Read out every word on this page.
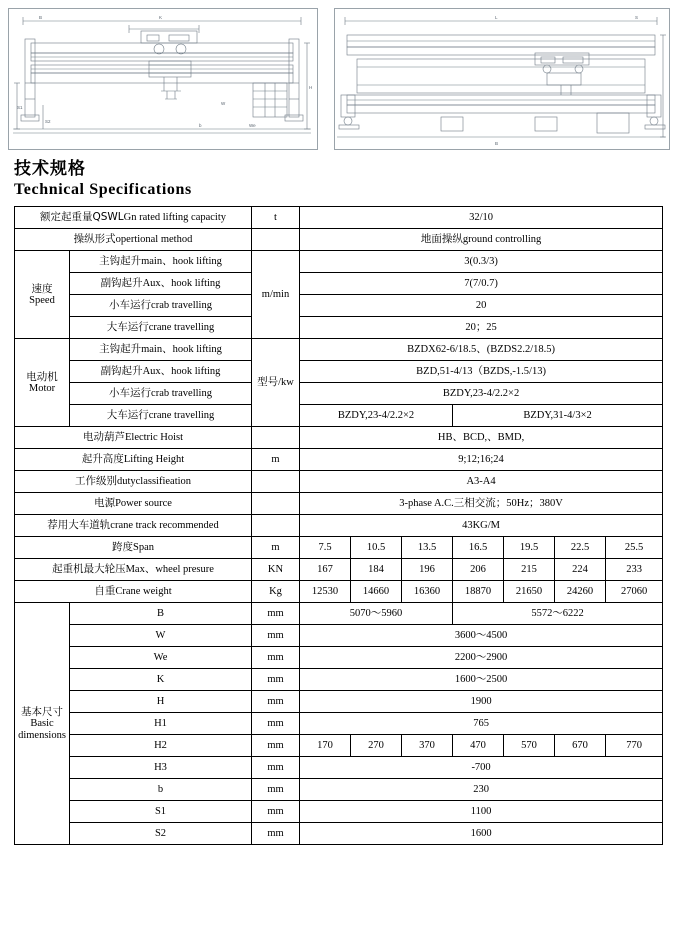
K
B
S1
S2
H
b
W
We
L	S
B
技术规格
Technical Specifications
额定起重量QSWLGn rated lifting capacity		t	32/10						
操纵形式opertional method			地面操纵ground controlling						

速度
Speed	主钩起升main、hook lifting	m/min	3(0.3/3)						
	副钩起升Aux、hook lifting		7(7/0.7)						
	小车运行crab travelling		20						
	大车运行crane travelling		20；25						

电动机
Motor	主钩起升main、hook lifting	型号/kw	BZDX62-6/18.5、(BZDS2.2/18.5)						
	副钩起升Aux、hook lifting		BZD,51-4/13（BZDS,-1.5/13)						
	小车运行crab travelling		BZDY,23-4/2.2×2						
	大车运行crane travelling		BZDY,23-4/2.2×2			BZDY,31-4/3×2			
电动葫芦Electric Hoist			HB、BCD,、BMD,						
起升高度Lifting Height		m	9;12;16;24						
工作级别dutyclassifieation			A3-A4						
电源Power source			3-phase A.C.三相交流；50Hz；380V						
荐用大车道轨crane track recommended			43KG/M						
跨度Span		m	7.5	10.5	13.5	16.5	19.5	22.5	25.5
起重机最大轮压Max、wheel presure		KN	167	184	196	206	215	224	233
自重Crane weight		Kg	12530	14660	16360	18870	21650	24260	27060

基本尺寸
Basic
dimensions	B	mm	5070～5960			5572～6222			
	W	mm	3600～4500						
	We	mm	2200～2900						
	K	mm	1600～2500						
	H	mm	1900						
	H1	mm	765						
	H2	mm	170	270	370	470	570	670	770
	H3	mm	-700						
	b	mm	230						
	S1	mm	1100						
	S2	mm	1600						
